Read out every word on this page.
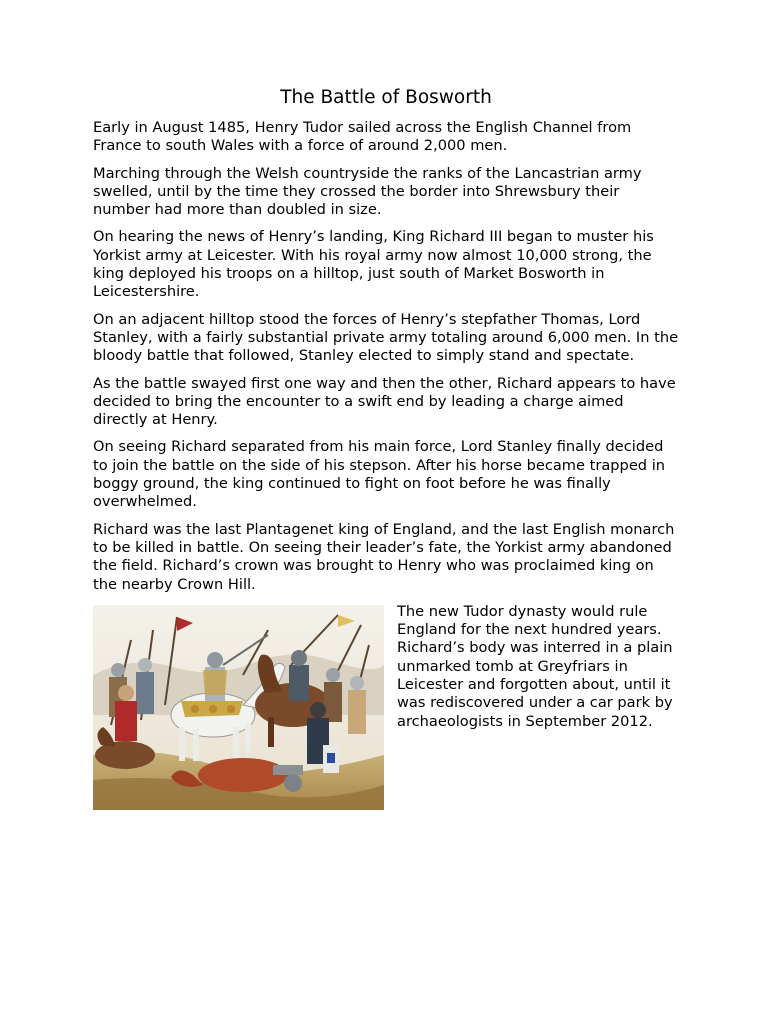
The Battle of Bosworth

Early in August 1485, Henry Tudor sailed across the English Channel from France to south Wales with a force of around 2,000 men.

Marching through the Welsh countryside the ranks of the Lancastrian army swelled, until by the time they crossed the border into Shrewsbury their number had more than doubled in size.

On hearing the news of Henry’s landing, King Richard III began to muster his Yorkist army at Leicester. With his royal army now almost 10,000 strong, the king deployed his troops on a hilltop, just south of Market Bosworth in Leicestershire.

On an adjacent hilltop stood the forces of Henry’s stepfather Thomas, Lord Stanley, with a fairly substantial private army totaling around 6,000 men. In the bloody battle that followed, Stanley elected to simply stand and spectate.

As the battle swayed first one way and then the other, Richard appears to have decided to bring the encounter to a swift end by leading a charge aimed directly at Henry.

On seeing Richard separated from his main force, Lord Stanley finally decided to join the battle on the side of his stepson. After his horse became trapped in boggy ground, the king continued to fight on foot before he was finally overwhelmed.

Richard was the last Plantagenet king of England, and the last English monarch to be killed in battle. On seeing their leader’s fate, the Yorkist army abandoned the field. Richard’s crown was brought to Henry who was proclaimed king on the nearby Crown Hill.

The new Tudor dynasty would rule England for the next hundred years. Richard’s body was interred in a plain unmarked tomb at Greyfriars in Leicester and forgotten about, until it was rediscovered under a car park by archaeologists in September 2012.
